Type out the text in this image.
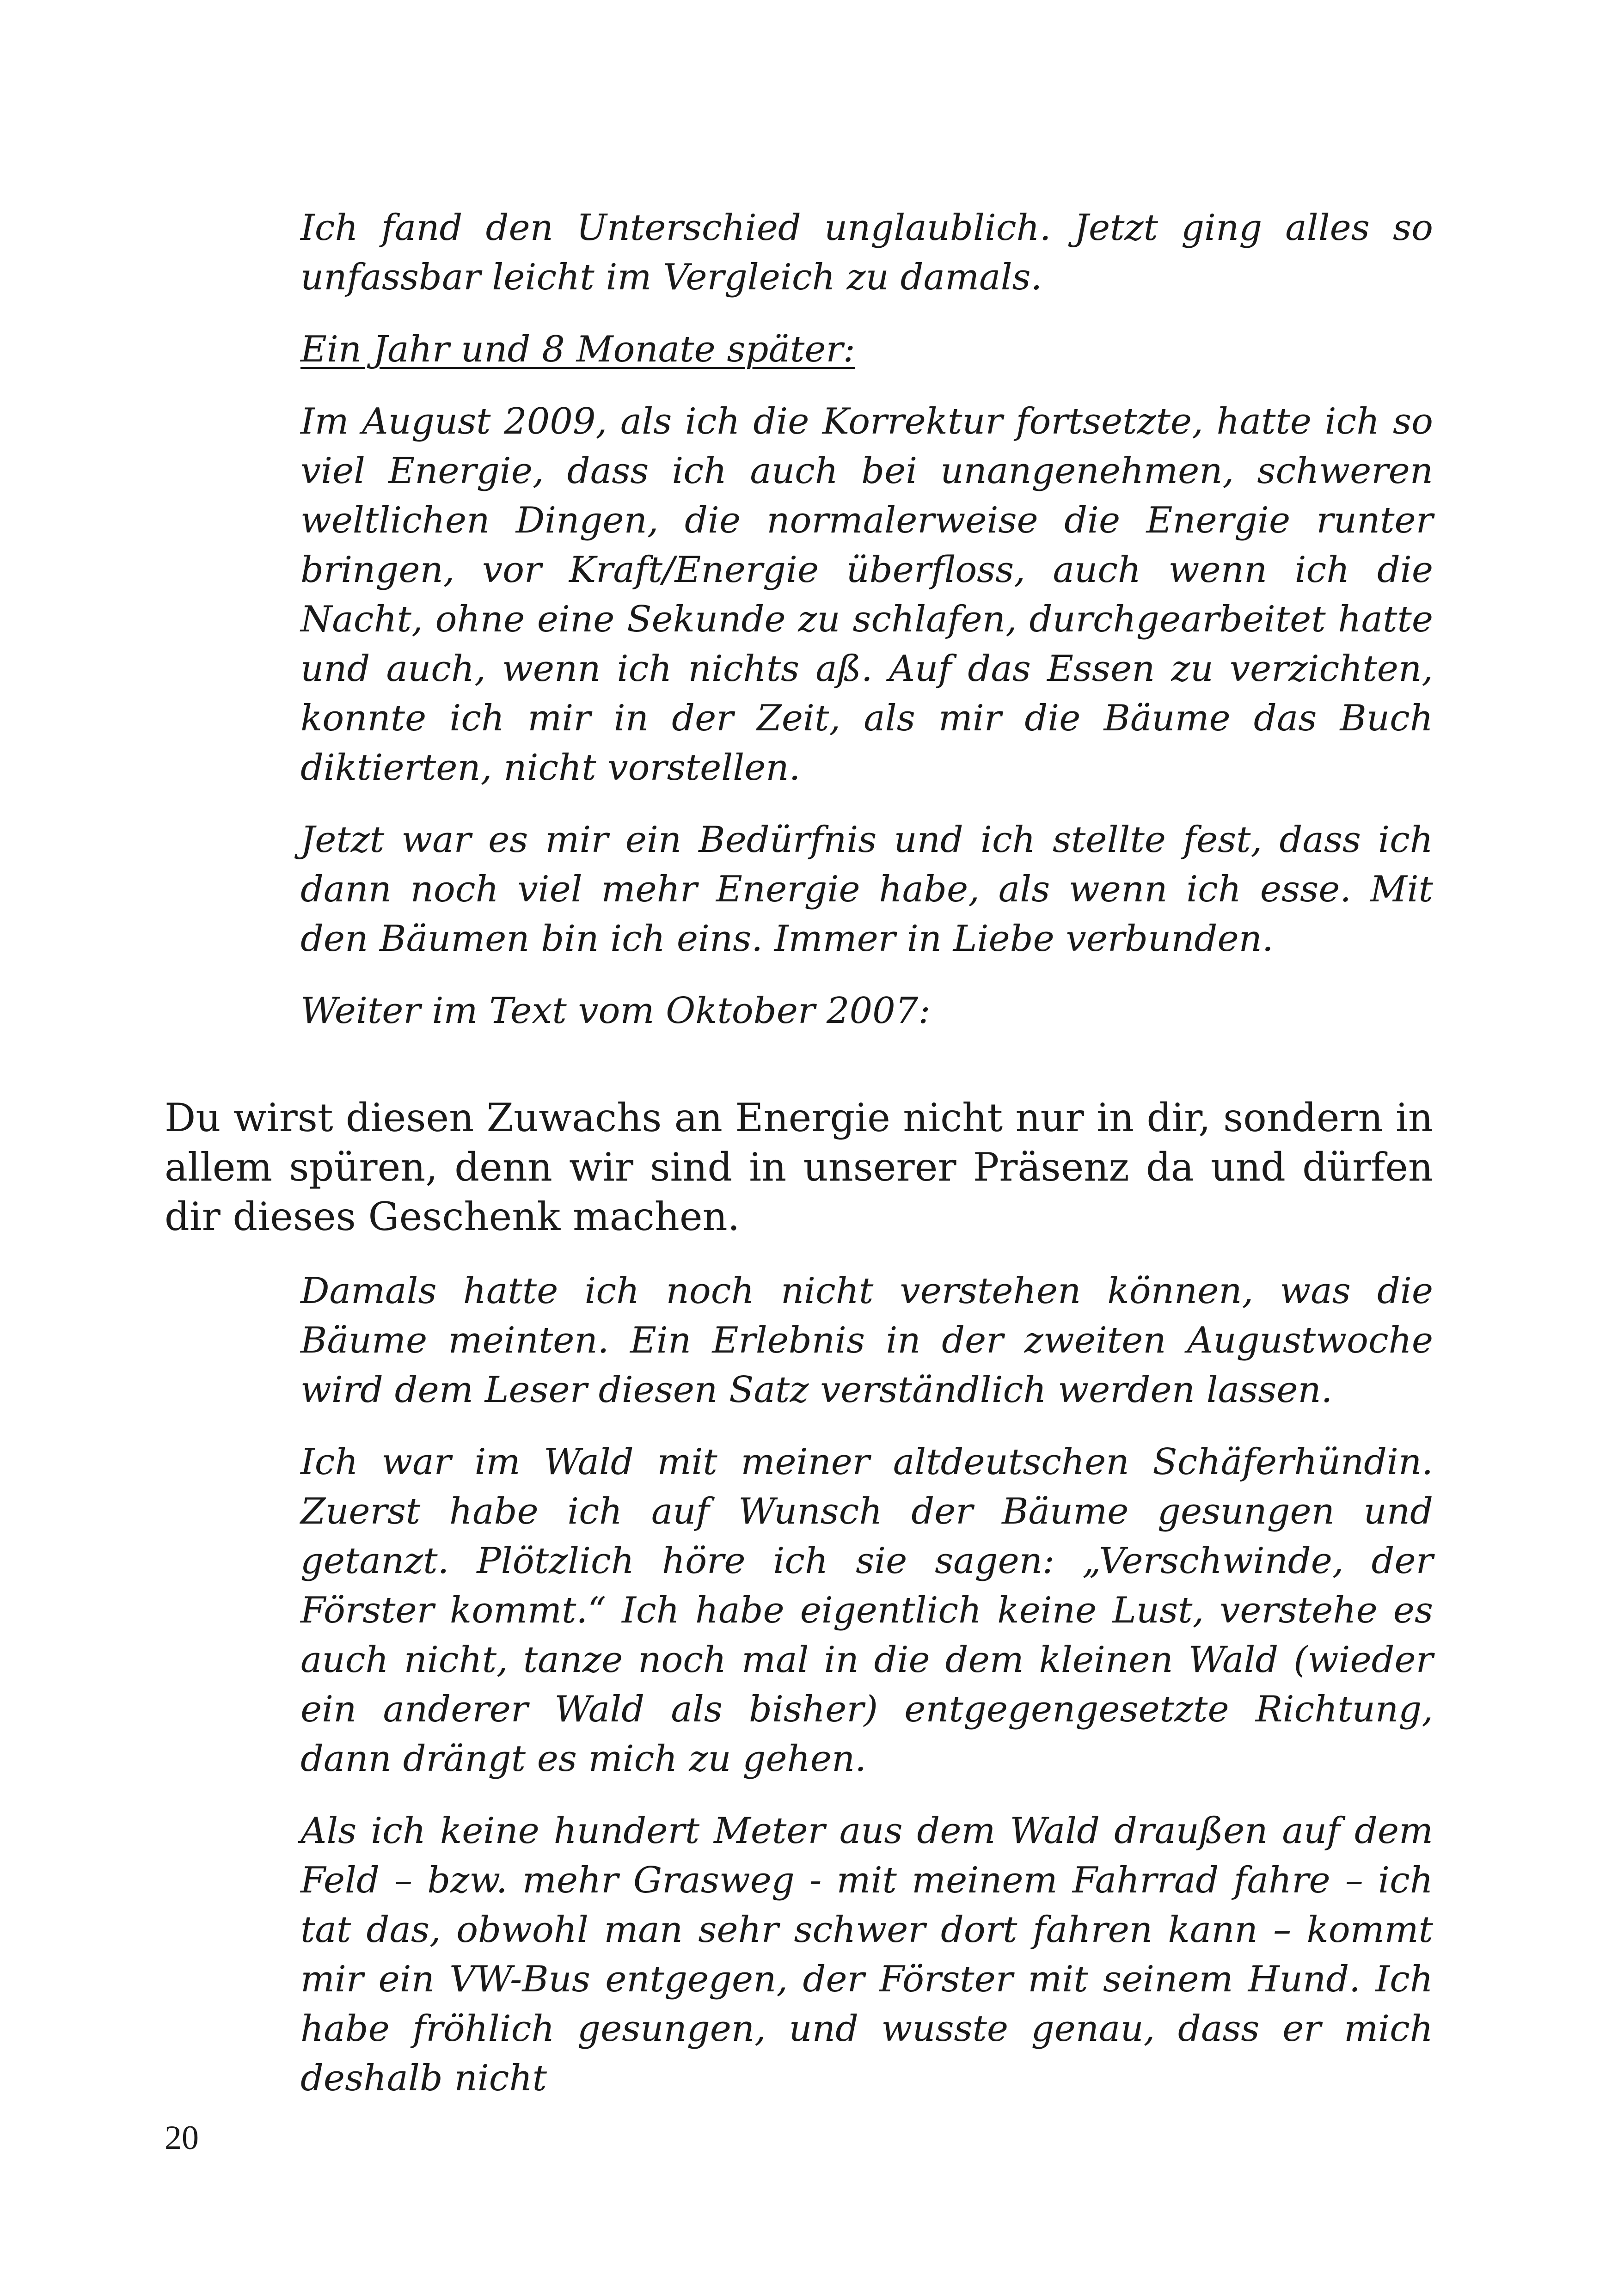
Ich fand den Unterschied unglaublich. Jetzt ging alles so unfassbar leicht im Vergleich zu damals.

Ein Jahr und 8 Monate später:

Im August 2009, als ich die Korrektur fortsetzte, hatte ich so viel Energie, dass ich auch bei unangenehmen, schweren weltlichen Dingen, die normalerweise die Energie runter bringen, vor Kraft/Energie überfloss, auch wenn ich die Nacht, ohne eine Sekunde zu schlafen, durchgearbeitet hatte und auch, wenn ich nichts aß. Auf das Essen zu verzichten, konnte ich mir in der Zeit, als mir die Bäume das Buch diktierten, nicht vorstellen.

Jetzt war es mir ein Bedürfnis und ich stellte fest, dass ich dann noch viel mehr Energie habe, als wenn ich esse. Mit den Bäumen bin ich eins. Immer in Liebe verbunden.

Weiter im Text vom Oktober 2007:

Du wirst diesen Zuwachs an Energie nicht nur in dir, sondern in allem spüren, denn wir sind in unserer Präsenz da und dürfen dir dieses Geschenk machen.

Damals hatte ich noch nicht verstehen können, was die Bäume meinten. Ein Erlebnis in der zweiten Augustwoche wird dem Leser diesen Satz verständlich werden lassen.

Ich war im Wald mit meiner altdeutschen Schäferhündin. Zuerst habe ich auf Wunsch der Bäume gesungen und getanzt. Plötzlich höre ich sie sagen: „Verschwinde, der Förster kommt.“ Ich habe eigentlich keine Lust, verstehe es auch nicht, tanze noch mal in die dem kleinen Wald (wieder ein anderer Wald als bisher) entgegengesetzte Richtung, dann drängt es mich zu gehen.

Als ich keine hundert Meter aus dem Wald draußen auf dem Feld – bzw. mehr Grasweg - mit meinem Fahrrad fahre – ich tat das, obwohl man sehr schwer dort fahren kann – kommt mir ein VW-Bus entgegen, der Förster mit seinem Hund. Ich habe fröhlich gesungen, und wusste genau, dass er mich deshalb nicht

20
